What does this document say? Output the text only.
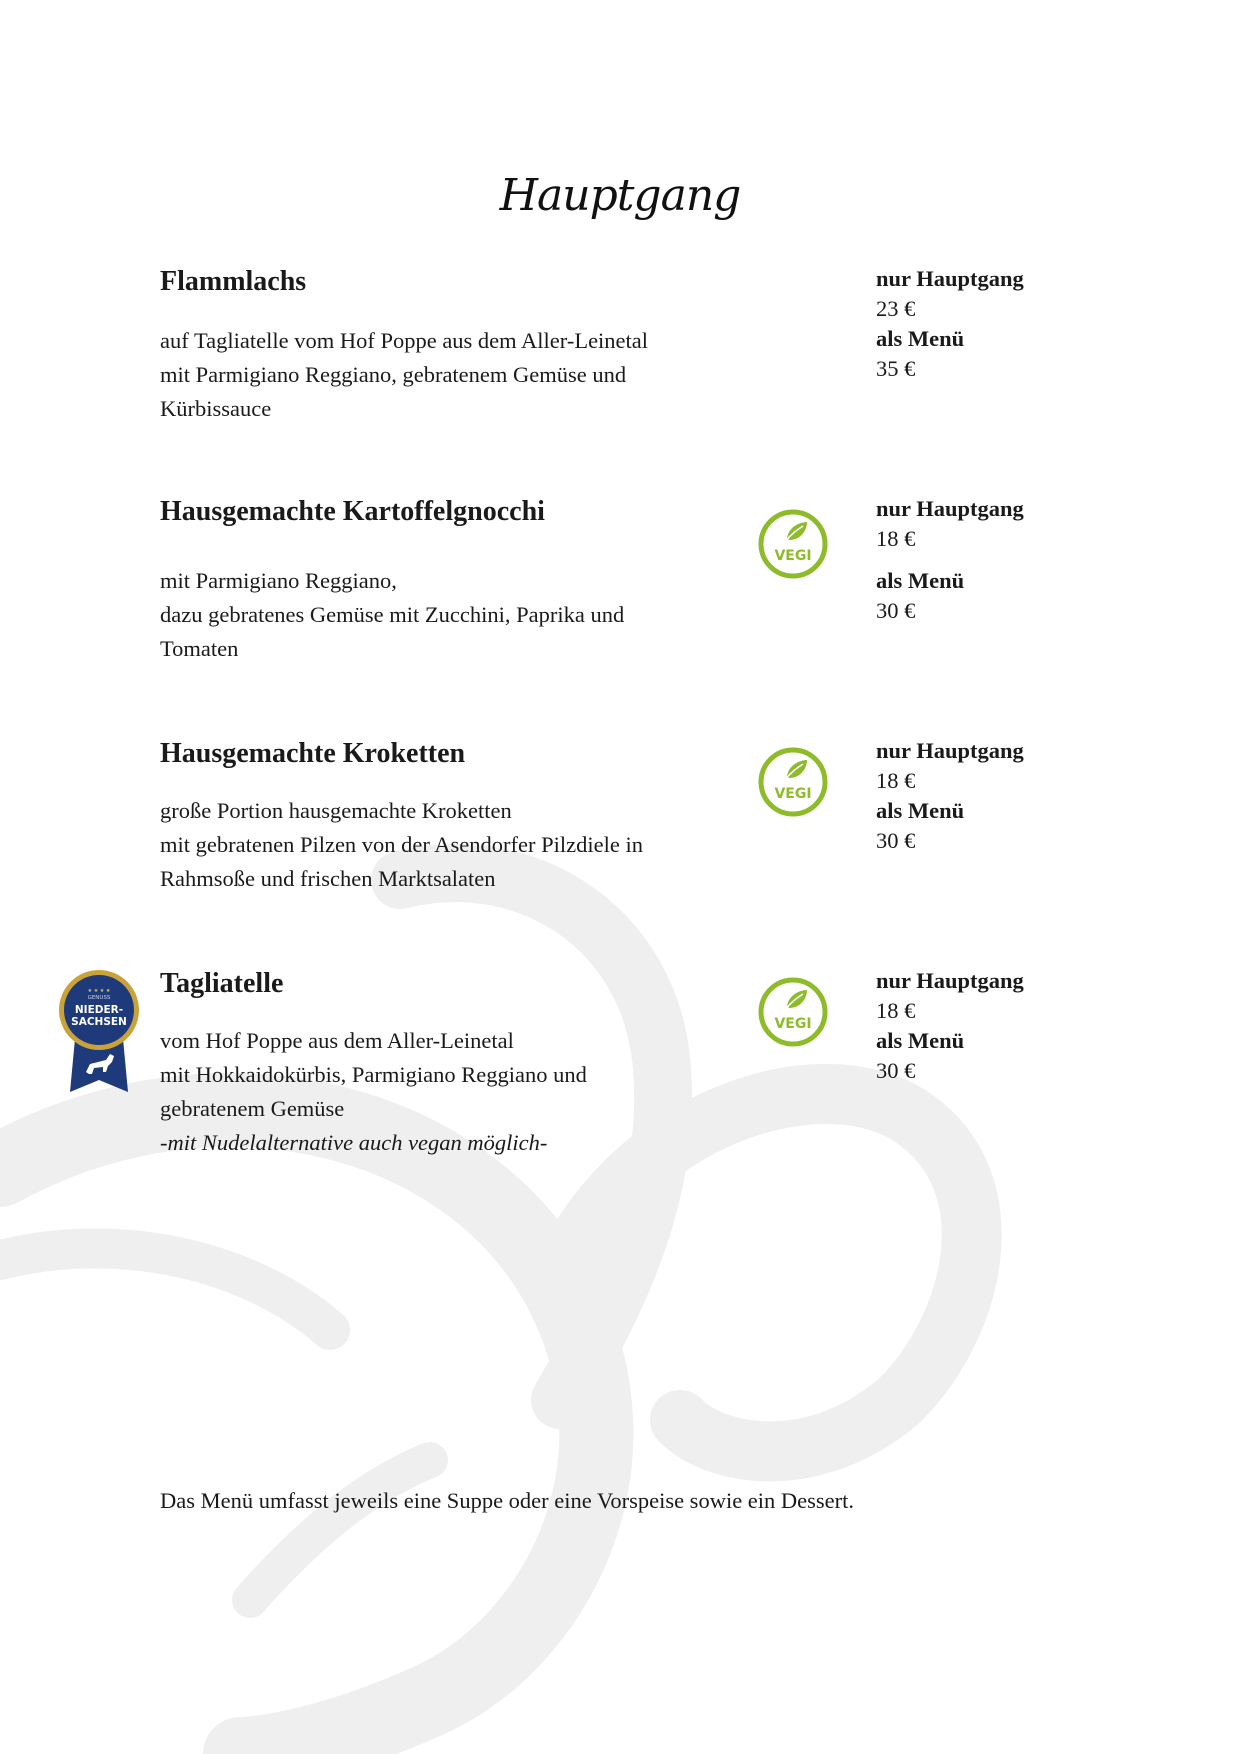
Hauptgang
Flammlachs
auf Tagliatelle vom Hof Poppe aus dem Aller-Leinetal
mit Parmigiano Reggiano, gebratenem Gemüse und
Kürbissauce
nur Hauptgang
23 €
als Menü
35 €
Hausgemachte Kartoffelgnocchi
VEGI
mit Parmigiano Reggiano,
dazu gebratenes Gemüse mit Zucchini, Paprika und
Tomaten
nur Hauptgang
18 €
als Menü
30 €
Hausgemachte Kroketten
VEGI
große Portion hausgemachte Kroketten
mit gebratenen Pilzen von der Asendorfer Pilzdiele in
Rahmsoße und frischen Marktsalaten
nur Hauptgang
18 €
als Menü
30 €
Tagliatelle
VEGI
vom Hof Poppe aus dem Aller-Leinetal
mit Hokkaidokürbis, Parmigiano Reggiano und
gebratenem Gemüse
-mit Nudelalternative auch vegan möglich-
nur Hauptgang
18 €
als Menü
30 €
★ ★ ★ ★
GENUSS
NIEDER-
SACHSEN
Das Menü umfasst jeweils eine Suppe oder eine Vorspeise sowie ein Dessert.
